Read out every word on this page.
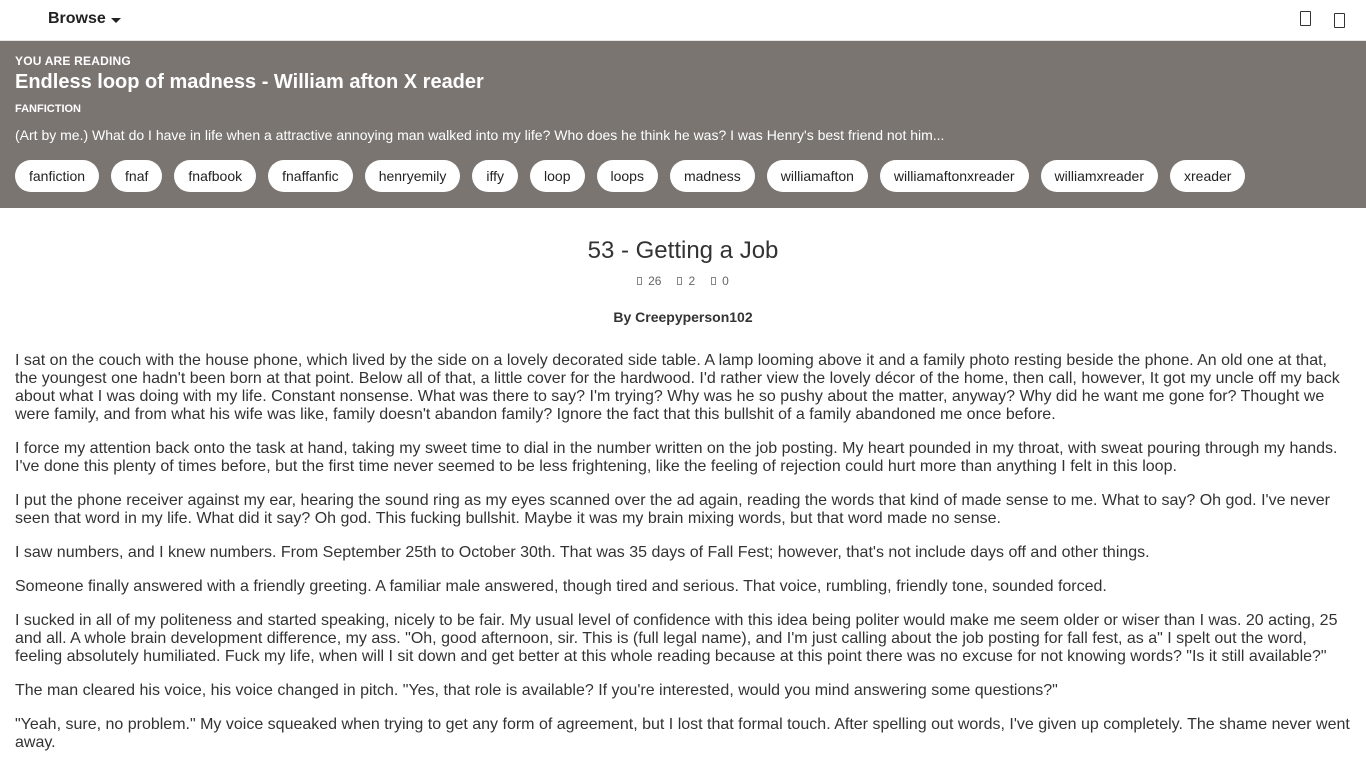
Browse
YOU ARE READING
Endless loop of madness - William afton X reader
FANFICTION
(Art by me.) What do I have in life when a attractive annoying man walked into my life? Who does he think he was? I was Henry's best friend not him...
fanfiction	fnaf	fnafbook	fnaffanfic	henryemily	iffy	loop	loops	madness	williamafton	williamaftonxreader	williamxreader	xreader
53 - Getting a Job
26 2 0
By Creepyperson102

I sat on the couch with the house phone, which lived by the side on a lovely decorated side table. A lamp looming above it and a family photo resting beside the phone. An old one at that, the youngest one hadn't been born at that point. Below all of that, a little cover for the hardwood. I'd rather view the lovely décor of the home, then call, however, It got my uncle off my back about what I was doing with my life. Constant nonsense. What was there to say? I'm trying? Why was he so pushy about the matter, anyway? Why did he want me gone for? Thought we were family, and from what his wife was like, family doesn't abandon family? Ignore the fact that this bullshit of a family abandoned me once before.

I force my attention back onto the task at hand, taking my sweet time to dial in the number written on the job posting. My heart pounded in my throat, with sweat pouring through my hands. I've done this plenty of times before, but the first time never seemed to be less frightening, like the feeling of rejection could hurt more than anything I felt in this loop.

I put the phone receiver against my ear, hearing the sound ring as my eyes scanned over the ad again, reading the words that kind of made sense to me. What to say? Oh god. I've never seen that word in my life. What did it say? Oh god. This fucking bullshit. Maybe it was my brain mixing words, but that word made no sense.

I saw numbers, and I knew numbers. From September 25th to October 30th. That was 35 days of Fall Fest; however, that's not include days off and other things.

Someone finally answered with a friendly greeting. A familiar male answered, though tired and serious. That voice, rumbling, friendly tone, sounded forced.

I sucked in all of my politeness and started speaking, nicely to be fair. My usual level of confidence with this idea being politer would make me seem older or wiser than I was. 20 acting, 25 and all. A whole brain development difference, my ass. "Oh, good afternoon, sir. This is (full legal name), and I'm just calling about the job posting for fall fest, as a" I spelt out the word, feeling absolutely humiliated. Fuck my life, when will I sit down and get better at this whole reading because at this point there was no excuse for not knowing words? "Is it still available?"

The man cleared his voice, his voice changed in pitch. "Yes, that role is available? If you're interested, would you mind answering some questions?"

"Yeah, sure, no problem." My voice squeaked when trying to get any form of agreement, but I lost that formal touch. After spelling out words, I've given up completely. The shame never went away.
